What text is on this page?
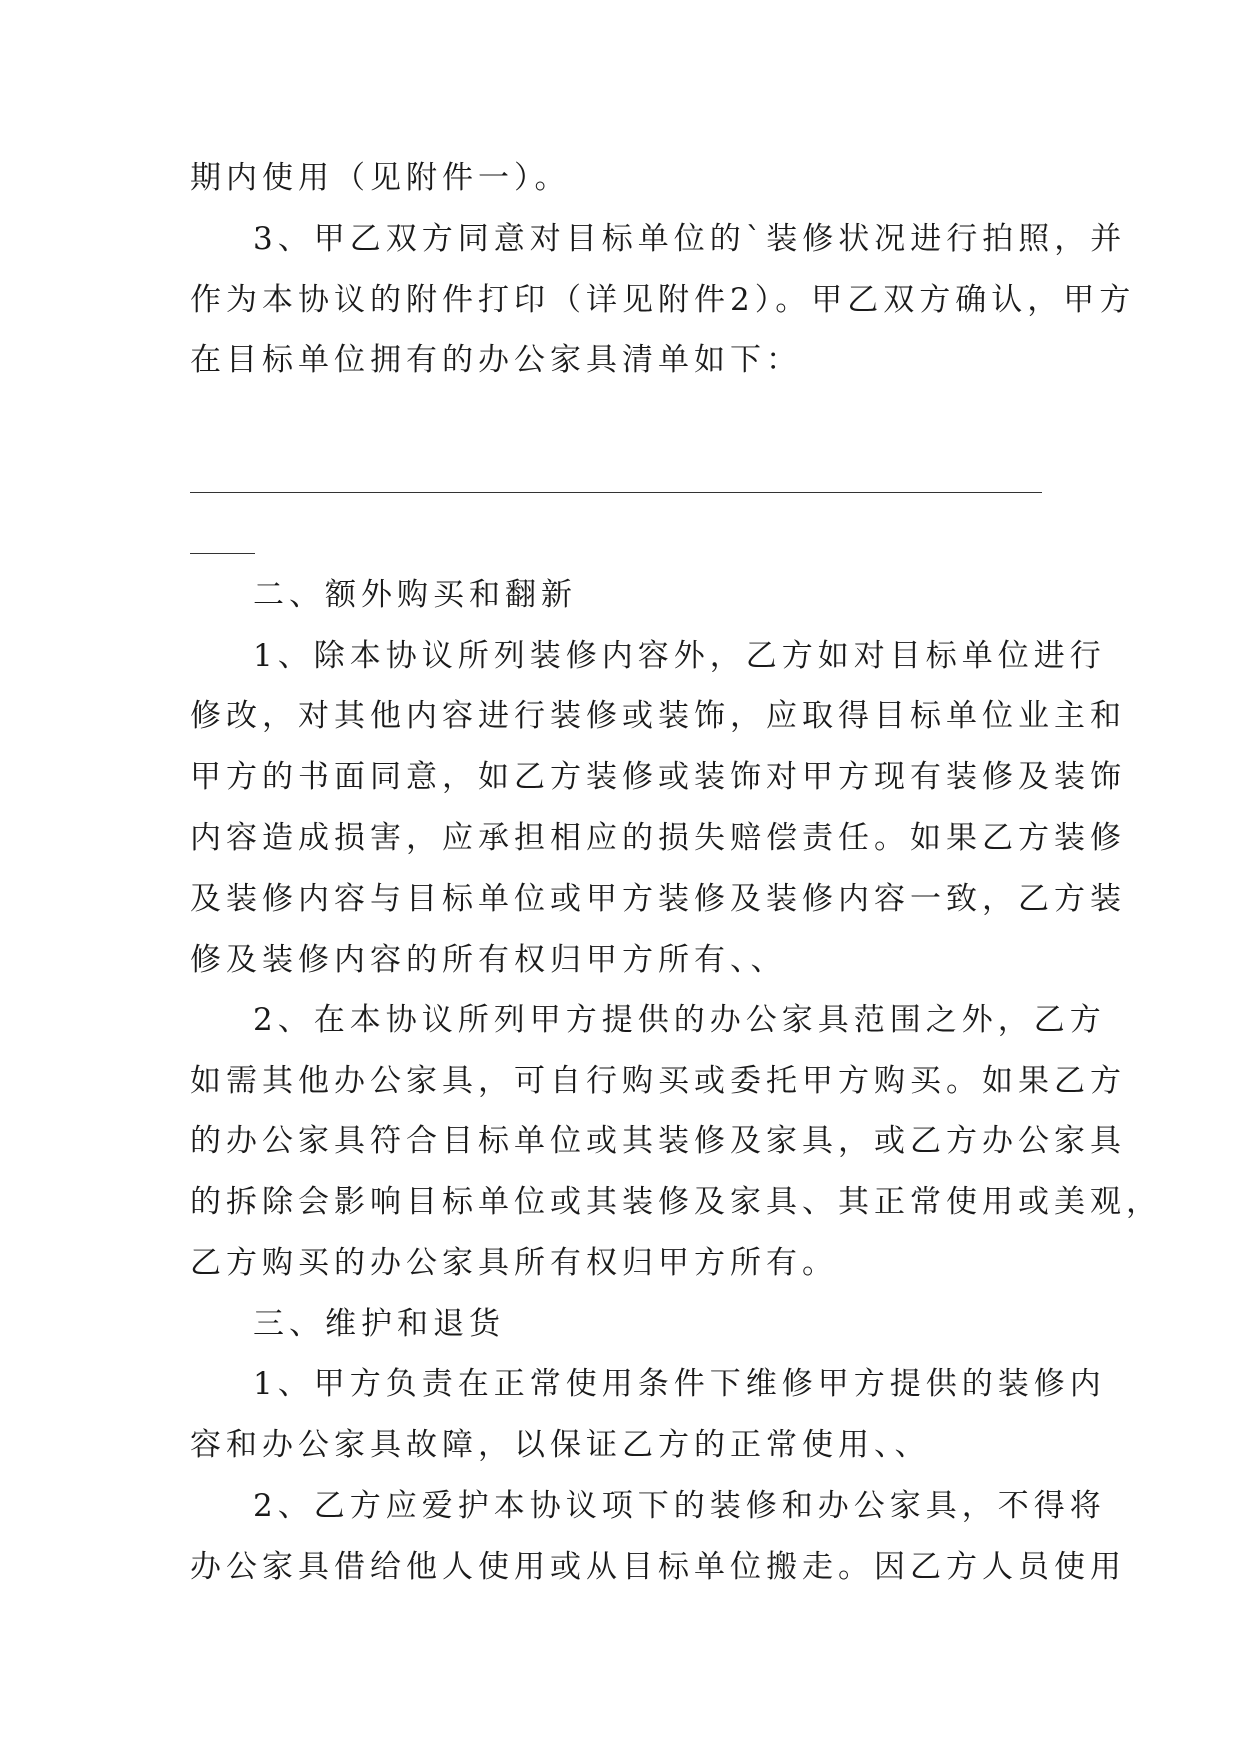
期内使用（见附件一）。
3、甲乙双方同意对目标单位的`装修状况进行拍照，并
作为本协议的附件打印（详见附件2）。甲乙双方确认，甲方
在目标单位拥有的办公家具清单如下：
二、额外购买和翻新
1、除本协议所列装修内容外，乙方如对目标单位进行
修改，对其他内容进行装修或装饰，应取得目标单位业主和
甲方的书面同意，如乙方装修或装饰对甲方现有装修及装饰
内容造成损害，应承担相应的损失赔偿责任。如果乙方装修
及装修内容与目标单位或甲方装修及装修内容一致，乙方装
修及装修内容的所有权归甲方所有、、
2、在本协议所列甲方提供的办公家具范围之外，乙方
如需其他办公家具，可自行购买或委托甲方购买。如果乙方
的办公家具符合目标单位或其装修及家具，或乙方办公家具
的拆除会影响目标单位或其装修及家具、其正常使用或美观，
乙方购买的办公家具所有权归甲方所有。
三、维护和退货
1、甲方负责在正常使用条件下维修甲方提供的装修内
容和办公家具故障，以保证乙方的正常使用、、
2、乙方应爱护本协议项下的装修和办公家具，不得将
办公家具借给他人使用或从目标单位搬走。因乙方人员使用
